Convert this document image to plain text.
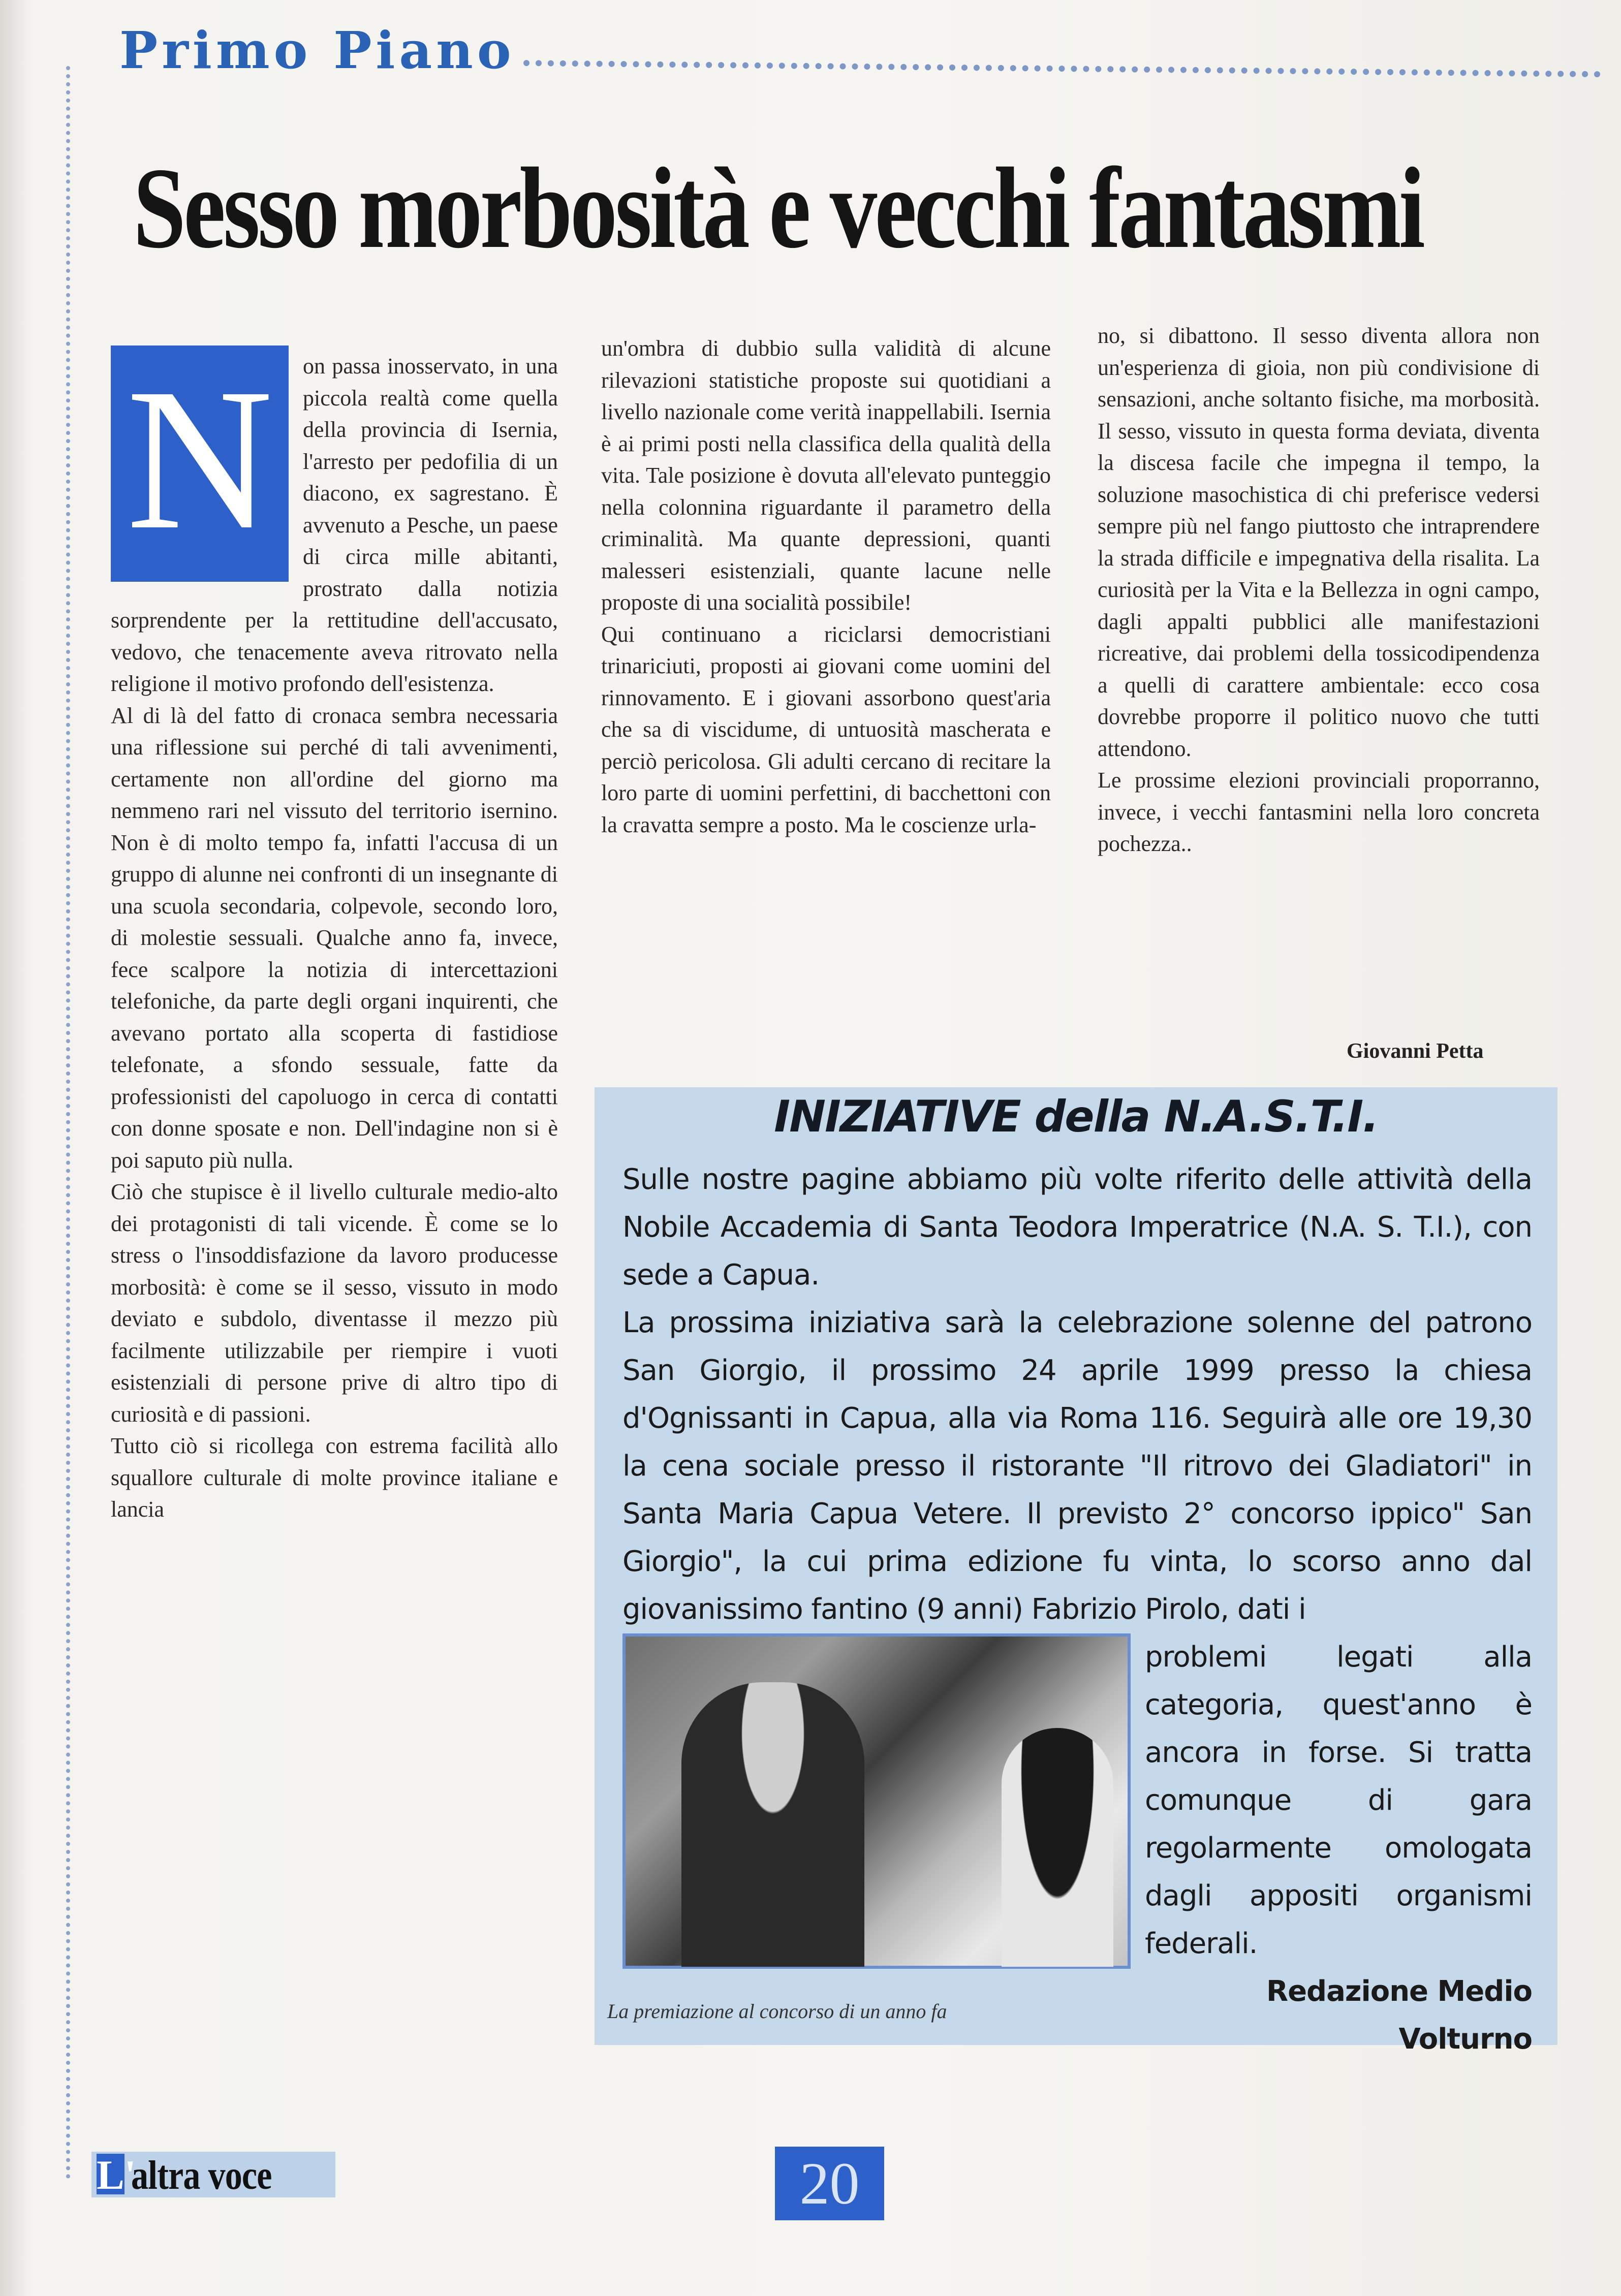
Primo Piano
Sesso morbosità e vecchi fantasmi
N	on passa inosservato, in una piccola realtà come quella della provincia di Isernia, l'arresto per pedofilia di un diacono, ex sagrestano. È avvenuto a Pesche, un paese di circa mille abitanti, prostrato dalla notizia sorprendente per la rettitudine dell'accusato, vedovo, che tenacemente aveva ritrovato nella religione il motivo profondo dell'esistenza.

Al di là del fatto di cronaca sembra necessaria una riflessione sui perché di tali avvenimenti, certamente non all'ordine del giorno ma nemmeno rari nel vissuto del territorio isernino. Non è di molto tempo fa, infatti l'accusa di un gruppo di alunne nei confronti di un insegnante di una scuola secondaria, colpevole, secondo loro, di molestie sessuali. Qualche anno fa, invece, fece scalpore la notizia di intercettazioni telefoniche, da parte degli organi inquirenti, che avevano portato alla scoperta di fastidiose telefonate, a sfondo sessuale, fatte da professionisti del capoluogo in cerca di contatti con donne sposate e non. Dell'indagine non si è poi saputo più nulla.

Ciò che stupisce è il livello culturale medio-alto dei protagonisti di tali vicende. È come se lo stress o l'insoddisfazione da lavoro producesse morbosità: è come se il sesso, vissuto in modo deviato e subdolo, diventasse il mezzo più facilmente utilizzabile per riempire i vuoti esistenziali di persone prive di altro tipo di curiosità e di passioni.

Tutto ciò si ricollega con estrema facilità allo squallore culturale di molte province italiane e lancia

un'ombra di dubbio sulla validità di alcune rilevazioni statistiche proposte sui quotidiani a livello nazionale come verità inappellabili. Isernia è ai primi posti nella classifica della qualità della vita. Tale posizione è dovuta all'elevato punteggio nella colonnina riguardante il parametro della criminalità. Ma quante depressioni, quanti malesseri esistenziali, quante lacune nelle proposte di una socialità possibile!

Qui continuano a riciclarsi democristiani trinariciuti, proposti ai giovani come uomini del rinnovamento. E i giovani assorbono quest'aria che sa di viscidume, di untuosità mascherata e perciò pericolosa. Gli adulti cercano di recitare la loro parte di uomini perfettini, di bacchettoni con la cravatta sempre a posto. Ma le coscienze urla-

no, si dibattono. Il sesso diventa allora non un'esperienza di gioia, non più condivisione di sensazioni, anche soltanto fisiche, ma morbosità. Il sesso, vissuto in questa forma deviata, diventa la discesa facile che impegna il tempo, la soluzione masochistica di chi preferisce vedersi sempre più nel fango piuttosto che intraprendere la strada difficile e impegnativa della risalita. La curiosità per la Vita e la Bellezza in ogni campo, dagli appalti pubblici alle manifestazioni ricreative, dai problemi della tossicodipendenza a quelli di carattere ambientale: ecco cosa dovrebbe proporre il politico nuovo che tutti attendono.

Le prossime elezioni provinciali proporranno, invece, i vecchi fantasmini nella loro concreta pochezza..

Giovanni Petta
INIZIATIVE della N.A.S.T.I.

Sulle nostre pagine abbiamo più volte riferito delle attività della Nobile Accademia di Santa Teodora Imperatrice (N.A. S. T.I.), con sede a Capua.

La prossima iniziativa sarà la celebrazione solenne del patrono San Giorgio, il prossimo 24 aprile 1999 presso la chiesa d'Ognissanti in Capua, alla via Roma 116. Seguirà alle ore 19,30 la cena sociale presso il ristorante "Il ritrovo dei Gladiatori" in Santa Maria Capua Vetere. Il previsto 2° concorso ippico" San Giorgio", la cui prima edizione fu vinta, lo scorso anno dal giovanissimo fantino (9 anni) Fabrizio Pirolo, dati i

problemi legati alla categoria, quest'anno è ancora in forse. Si tratta comunque di gara regolarmente omologata dagli appositi organismi federali.

Redazione Medio Volturno

La premiazione al concorso di un anno fa
L'
altra voce	20
